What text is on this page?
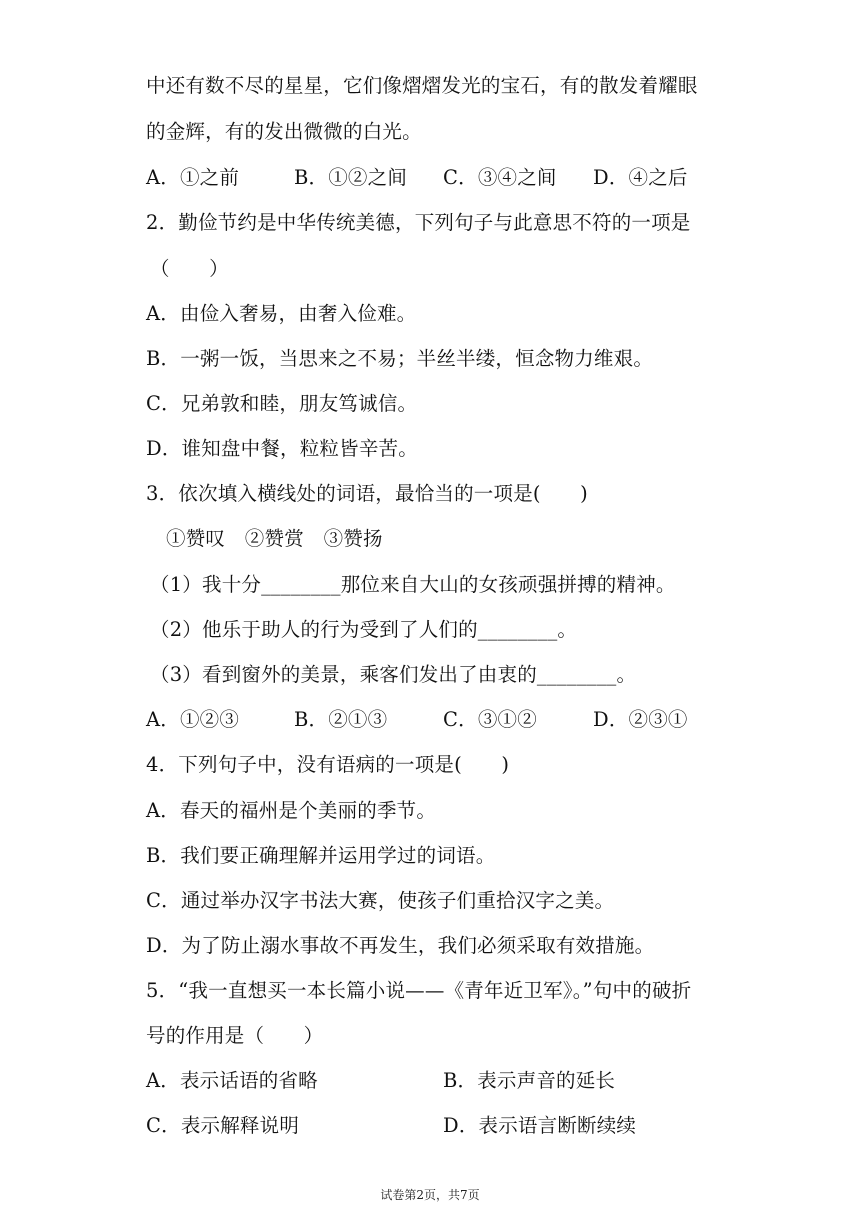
中还有数不尽的星星，它们像熠熠发光的宝石，有的散发着耀眼
的金辉，有的发出微微的白光。
A．①之前	B．①②之间 C．③④之间 D．④之后
2．勤俭节约是中华传统美德，下列句子与此意思不符的一项是
（　　）
A．由俭入奢易，由奢入俭难。
B．一粥一饭，当思来之不易；半丝半缕，恒念物力维艰。
C．兄弟敦和睦，朋友笃诚信。
D．谁知盘中餐，粒粒皆辛苦。
3．依次填入横线处的词语，最恰当的一项是(　　)
①赞叹　②赞赏　③赞扬
（1）我十分________那位来自大山的女孩顽强拼搏的精神。
（2）他乐于助人的行为受到了人们的________。
（3）看到窗外的美景，乘客们发出了由衷的________。
A．①②③	B．②①③	C．③①②	D．②③①
4．下列句子中，没有语病的一项是(　　)
A．春天的福州是个美丽的季节。
B．我们要正确理解并运用学过的词语。
C．通过举办汉字书法大赛，使孩子们重拾汉字之美。
D．为了防止溺水事故不再发生，我们必须采取有效措施。
5．“我一直想买一本长篇小说——《青年近卫军》。”句中的破折
号的作用是（　　）
A．表示话语的省略	B．表示声音的延长
C．表示解释说明	D．表示语言断断续续
试卷第2页，共7页
